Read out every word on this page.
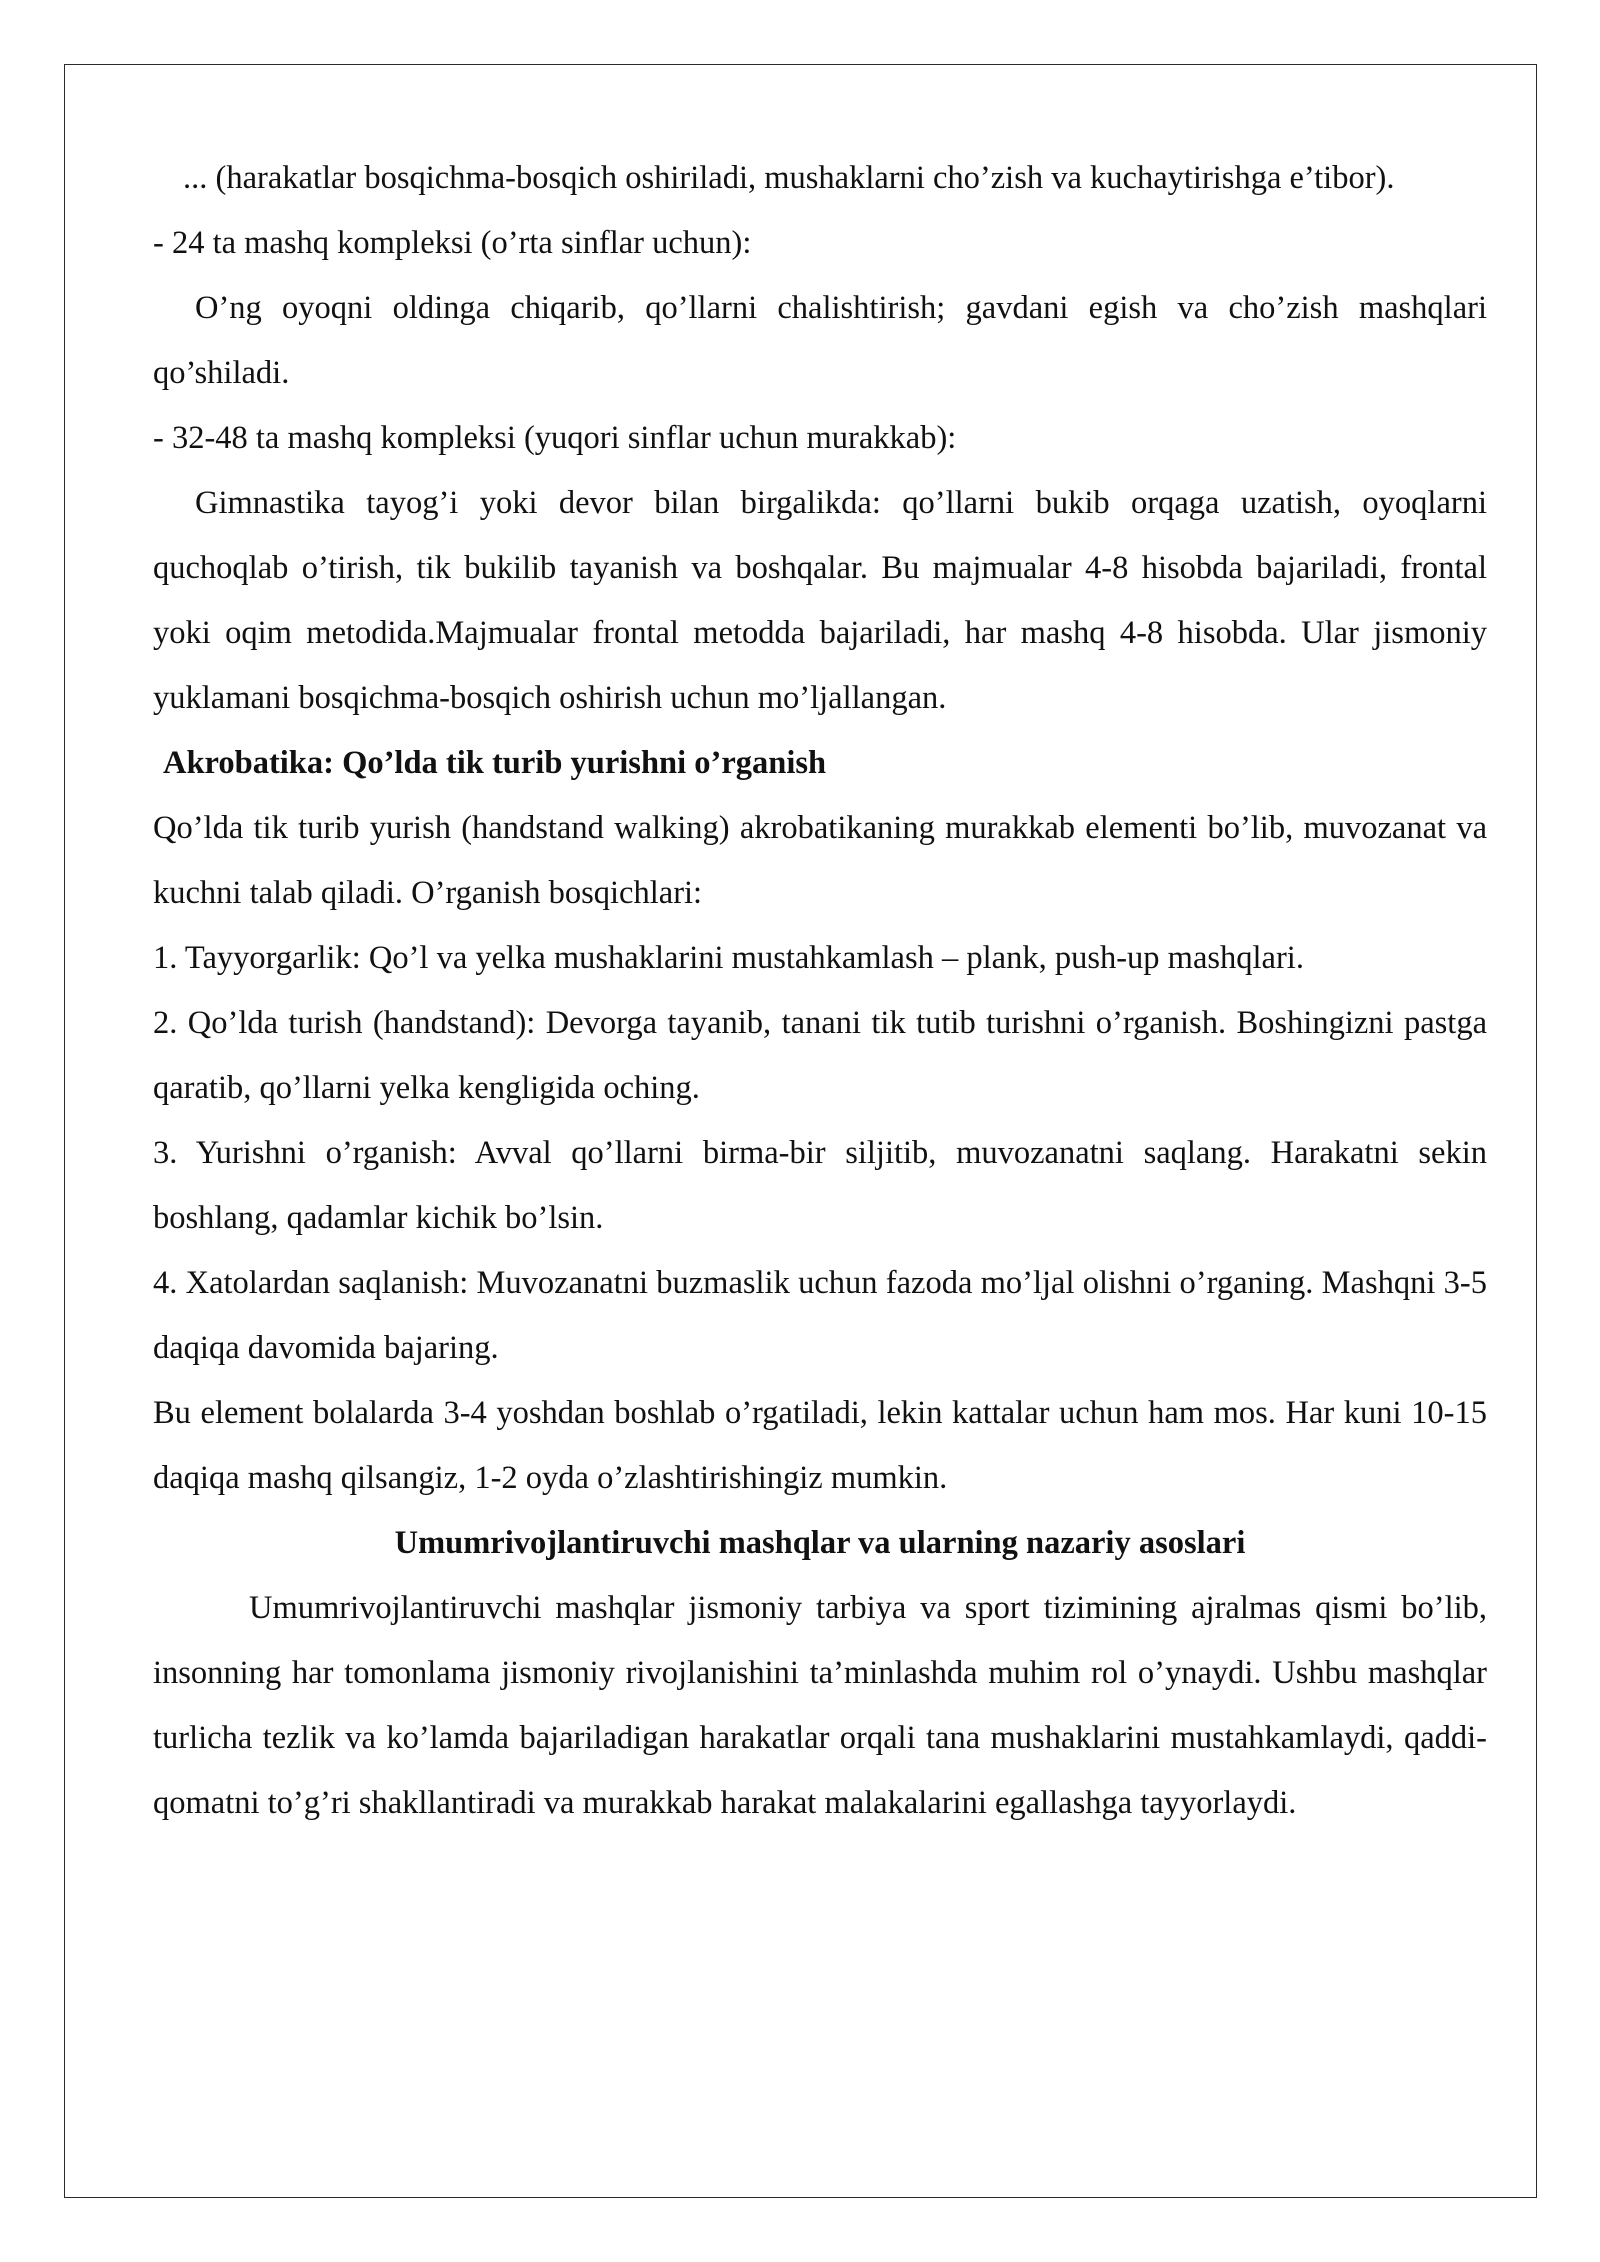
... (harakatlar bosqichma-bosqich oshiriladi, mushaklarni cho’zish va kuchaytirishga e’tibor).

- 24 ta mashq kompleksi (o’rta sinflar uchun):

O’ng oyoqni oldinga chiqarib, qo’llarni chalishtirish; gavdani egish va cho’zish mashqlari qo’shiladi.

- 32-48 ta mashq kompleksi (yuqori sinflar uchun murakkab):

Gimnastika tayog’i yoki devor bilan birgalikda: qo’llarni bukib orqaga uzatish, oyoqlarni quchoqlab o’tirish, tik bukilib tayanish va boshqalar. Bu majmualar 4-8 hisobda bajariladi, frontal yoki oqim metodida.Majmualar frontal metodda bajariladi, har mashq 4-8 hisobda. Ular jismoniy yuklamani bosqichma-bosqich oshirish uchun mo’ljallangan.

Akrobatika: Qo’lda tik turib yurishni o’rganish

Qo’lda tik turib yurish (handstand walking) akrobatikaning murakkab elementi bo’lib, muvozanat va kuchni talab qiladi. O’rganish bosqichlari:

1. Tayyorgarlik: Qo’l va yelka mushaklarini mustahkamlash – plank, push-up mashqlari.

2. Qo’lda turish (handstand): Devorga tayanib, tanani tik tutib turishni o’rganish. Boshingizni pastga qaratib, qo’llarni yelka kengligida oching.

3. Yurishni o’rganish: Avval qo’llarni birma-bir siljitib, muvozanatni saqlang. Harakatni sekin boshlang, qadamlar kichik bo’lsin.

4. Xatolardan saqlanish: Muvozanatni buzmaslik uchun fazoda mo’ljal olishni o’rganing. Mashqni 3-5 daqiqa davomida bajaring.

Bu element bolalarda 3-4 yoshdan boshlab o’rgatiladi, lekin kattalar uchun ham mos. Har kuni 10-15 daqiqa mashq qilsangiz, 1-2 oyda o’zlashtirishingiz mumkin.

Umumrivojlantiruvchi mashqlar va ularning nazariy asoslari

Umumrivojlantiruvchi mashqlar jismoniy tarbiya va sport tizimining ajralmas qismi bo’lib, insonning har tomonlama jismoniy rivojlanishini ta’minlashda muhim rol o’ynaydi. Ushbu mashqlar turlicha tezlik va ko’lamda bajariladigan harakatlar orqali tana mushaklarini mustahkamlaydi, qaddi-qomatni to’g’ri shakllantiradi va murakkab harakat malakalarini egallashga tayyorlaydi.
